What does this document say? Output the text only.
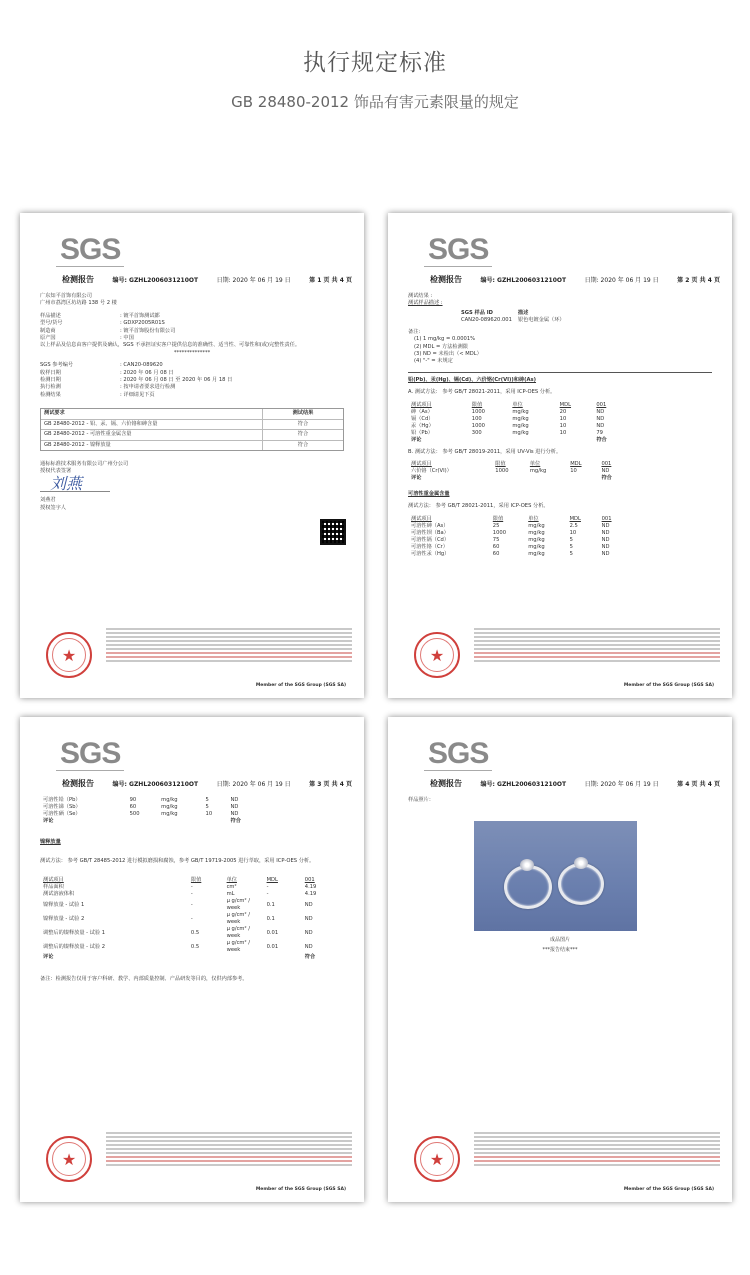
执行规定标准
GB 28480-2012 饰品有害元素限量的规定
SGS
检测报告	编号: GZHL2006031210OT	日期: 2020 年 06 月 19 日	第 1 页 共 4 页
广东知平首饰有限公司
广州市荔湾区坊坊路 138 号 2 楼
样品描述	: 镀平首饰测试都
型号/货号	: GDXP2005R01S
制造商	: 镀平首饰股份有限公司
原产国	: 中国
以上样品及信息由客户提供及确认，SGS 不承担证实客户提供信息的准确性、适当性、可靠性和(或)完整性责任。
**************
SGS 参考编号	: CAN20-089620
收样日期	: 2020 年 06 月 08 日
检测日期	: 2020 年 06 月 08 日 至 2020 年 06 月 18 日
执行检测	: 按申请者要求进行检测
检测结果	: 详细请见下页
测试要求	测试结果
GB 28480-2012 - 铅、汞、镉、六价铬和砷含量	符合
GB 28480-2012 - 可溶性重金属含量	符合
GB 28480-2012 - 镍释放量	符合
通标标准技术服务有限公司广州分公司
授权代表签署
刘燕
刘燕君
授权签字人
★
Member of the SGS Group (SGS SA)
SGS
检测报告	编号: GZHL2006031210OT	日期: 2020 年 06 月 19 日	第 2 页 共 4 页
测试结果 :
测试样品描述 :
SGS 样品 ID	描述
CAN20-089620.001	银色电镀金属（环）
备注:
(1) 1 mg/kg = 0.0001%
(2) MDL = 方法检测限
(3) ND = 未检出（< MDL）
(4) "-" = 未规定
铅(Pb)、汞(Hg)、镉(Cd)、六价铬(Cr(VI))和砷(As)
A. 测试方法： 参考 GB/T 28021-2011，采用 ICP-OES 分析。
测试项目	限值	单位	MDL	001
砷（As）	1000	mg/kg	20	ND
镉（Cd）	100	mg/kg	10	ND
汞（Hg）	1000	mg/kg	10	ND
铅（Pb）	300	mg/kg	10	79
评论				符合
B. 测试方法： 参考 GB/T 28019-2011，采用 UV-Vis 进行分析。
测试项目	限值	单位	MDL	001
六价铬（Cr(VI)）	1000	mg/kg	10	ND
评论				符合
可溶性重金属含量
测试方法： 参考 GB/T 28021-2011，采用 ICP-OES 分析。
测试项目	限值	单位	MDL	001
可溶性砷（As）	25	mg/kg	2.5	ND
可溶性钡（Ba）	1000	mg/kg	10	ND
可溶性镉（Cd）	75	mg/kg	5	ND
可溶性铬（Cr）	60	mg/kg	5	ND
可溶性汞（Hg）	60	mg/kg	5	ND
★
Member of the SGS Group (SGS SA)
SGS
检测报告	编号: GZHL2006031210OT	日期: 2020 年 06 月 19 日	第 3 页 共 4 页
可溶性铅（Pb）	90	mg/kg	5	ND
可溶性锑（Sb）	60	mg/kg	5	ND
可溶性硒（Se）	500	mg/kg	10	ND
评论				符合
镍释放量
测试方法： 参考 GB/T 28485-2012 进行模拟磨损和腐蚀，参考 GB/T 19719-2005 进行萃取，采用 ICP-OES 分析。
测试项目	限值	单位	MDL	001
样品面积	-	cm²	-	4.19
测试溶液体积	-	mL	-	4.19
镍释放量 - 试验 1	-	μ g/cm² / week	0.1	ND
镍释放量 - 试验 2	-	μ g/cm² / week	0.1	ND
调整后的镍释放量 - 试验 1	0.5	μ g/cm² / week	0.01	ND
调整后的镍释放量 - 试验 2	0.5	μ g/cm² / week	0.01	ND
评论				符合
备注：检测报告仅用于客户科研、教学、内部质量控制、产品研发等目的，仅供内部参考。
★
Member of the SGS Group (SGS SA)
SGS
检测报告	编号: GZHL2006031210OT	日期: 2020 年 06 月 19 日	第 4 页 共 4 页
样品照片：
成品图片
***报告结束***
★
Member of the SGS Group (SGS SA)
